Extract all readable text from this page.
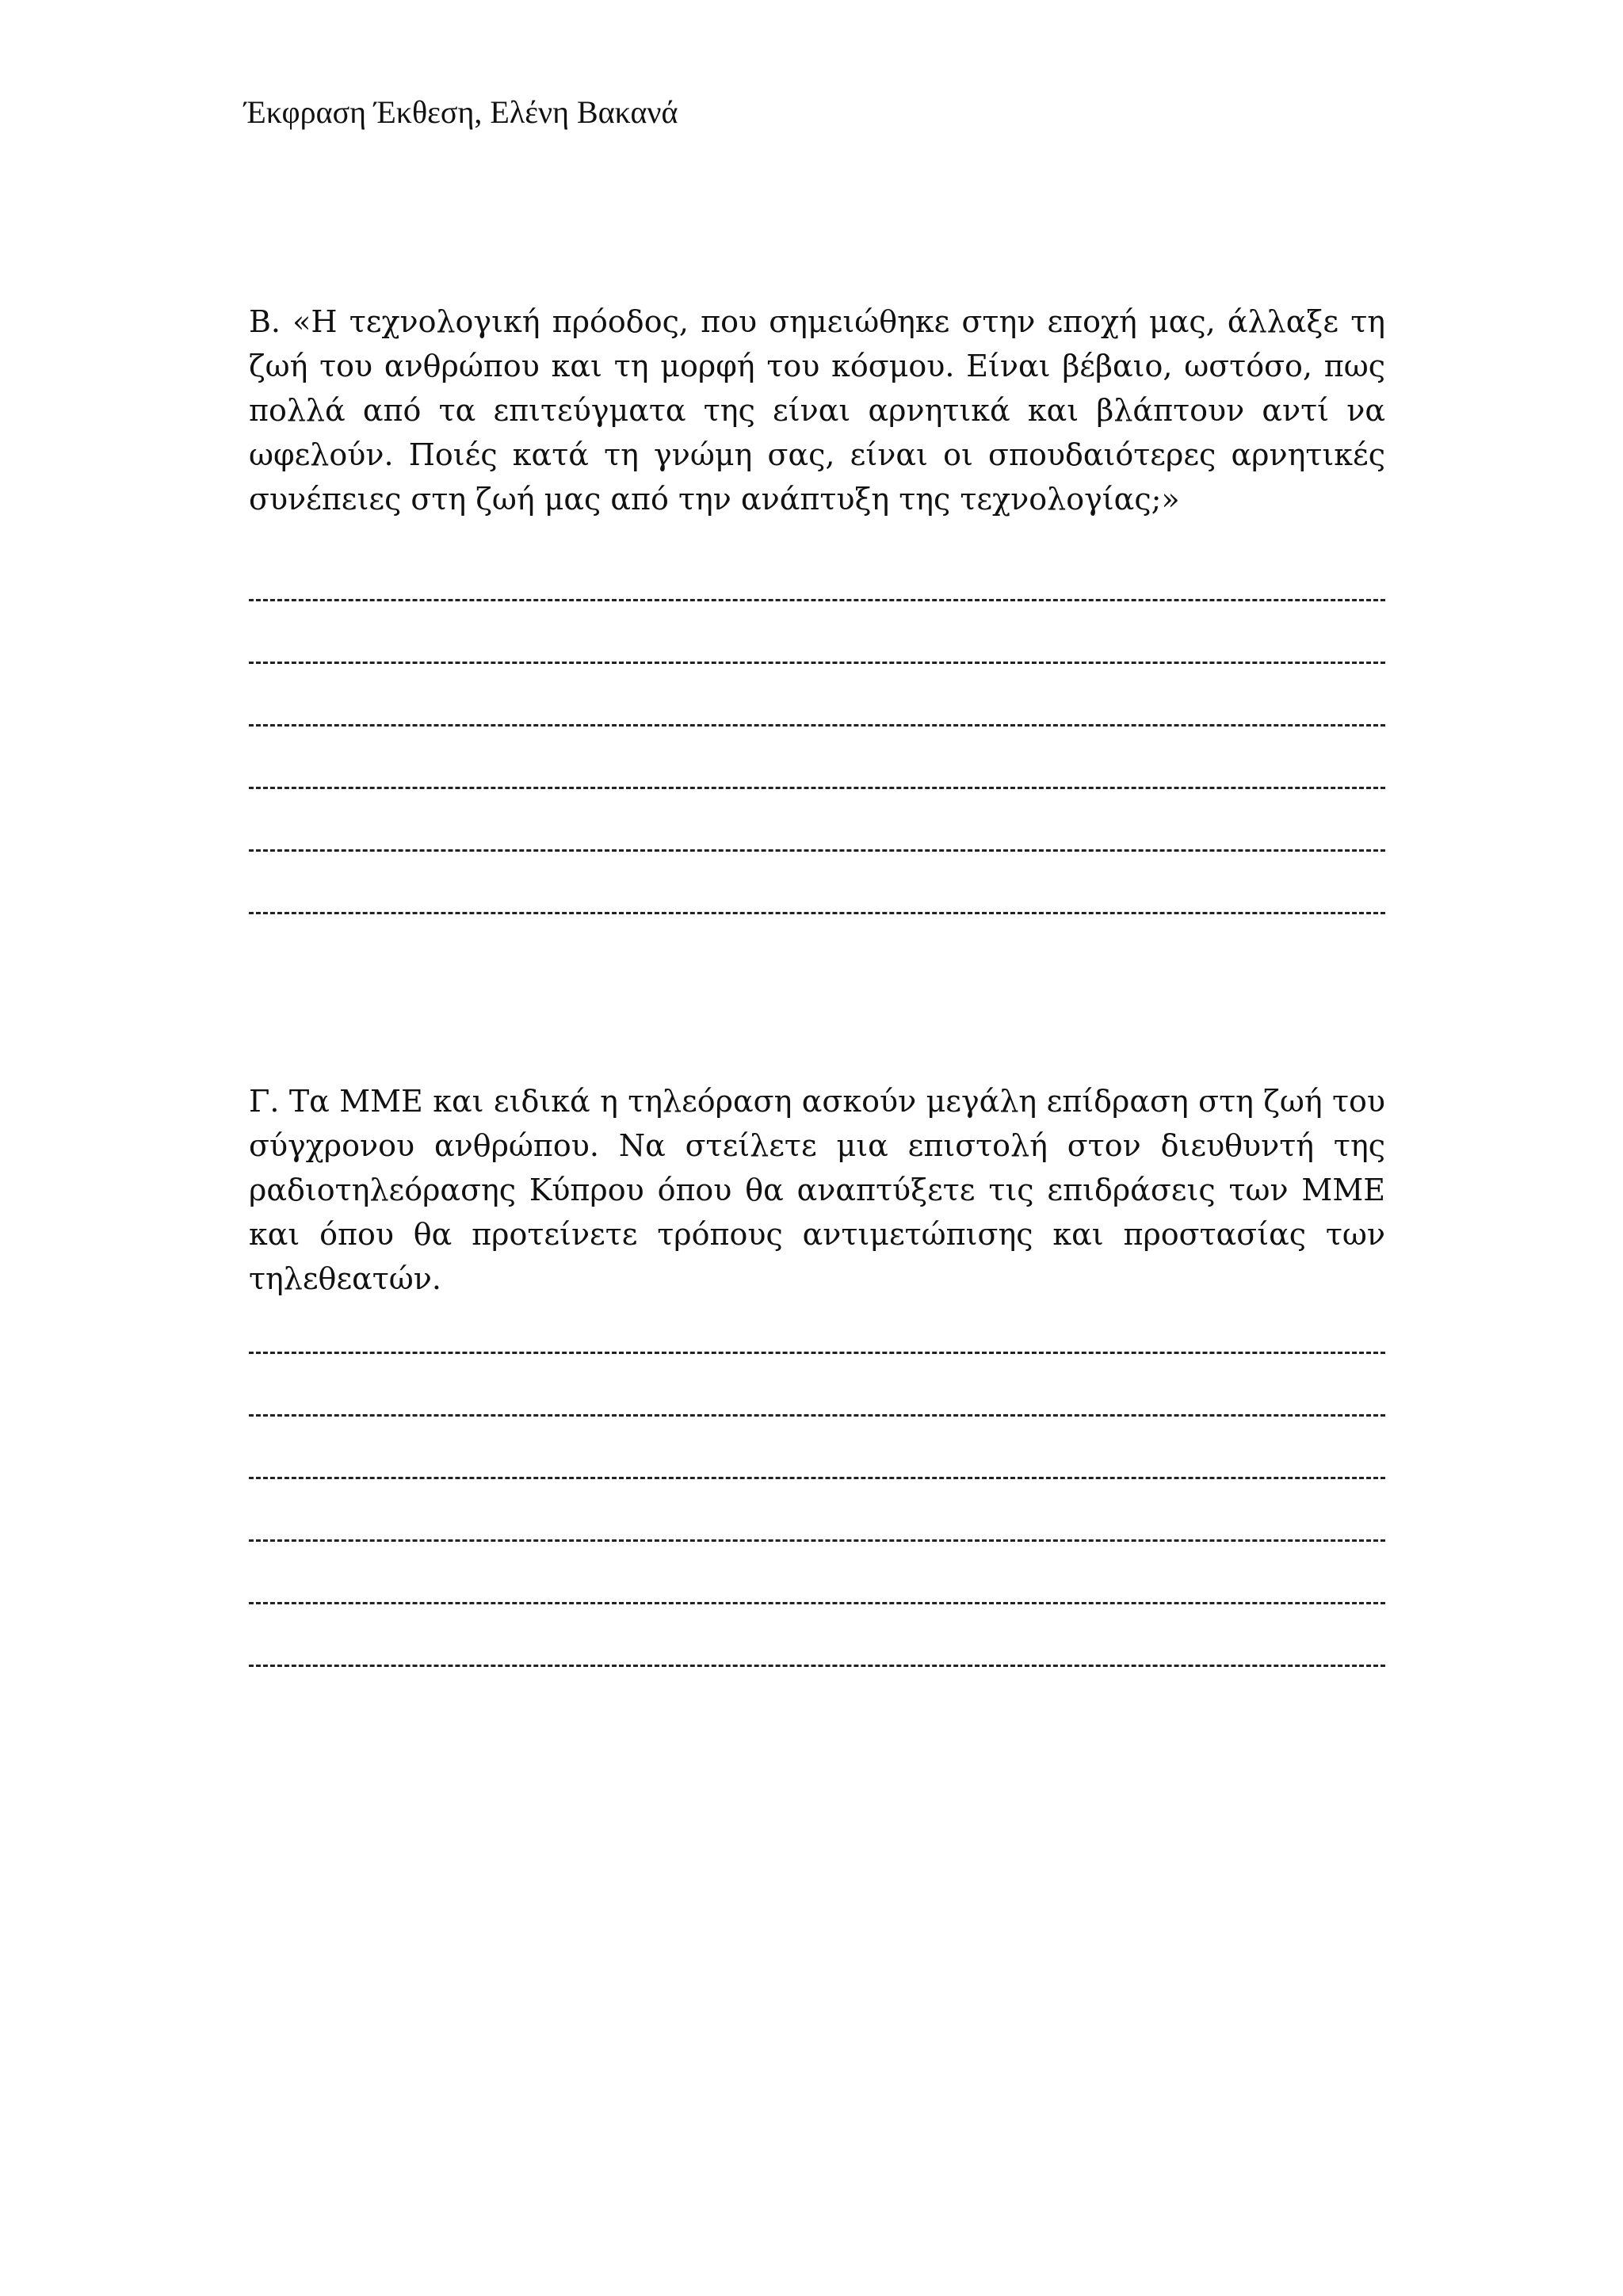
Έκφραση Έκθεση, Ελένη Βακανά

Β. «Η τεχνολογική πρόοδος, που σημειώθηκε στην εποχή μας, άλλαξε τη ζωή του ανθρώπου και τη μορφή του κόσμου. Είναι βέβαιο, ωστόσο, πως πολλά από τα επιτεύγματα της είναι αρνητικά και βλάπτουν αντί να ωφελούν. Ποιές κατά τη γνώμη σας, είναι οι σπουδαιότερες αρνητικές συνέπειες στη ζωή μας από την ανάπτυξη της τεχνολογίας;»

Γ. Τα ΜΜΕ και ειδικά η τηλεόραση ασκούν μεγάλη επίδραση στη ζωή του σύγχρονου ανθρώπου. Να στείλετε μια επιστολή στον διευθυντή της ραδιοτηλεόρασης Κύπρου όπου θα αναπτύξετε τις επιδράσεις των ΜΜΕ και όπου θα προτείνετε τρόπους αντιμετώπισης και προστασίας των τηλεθεατών.
